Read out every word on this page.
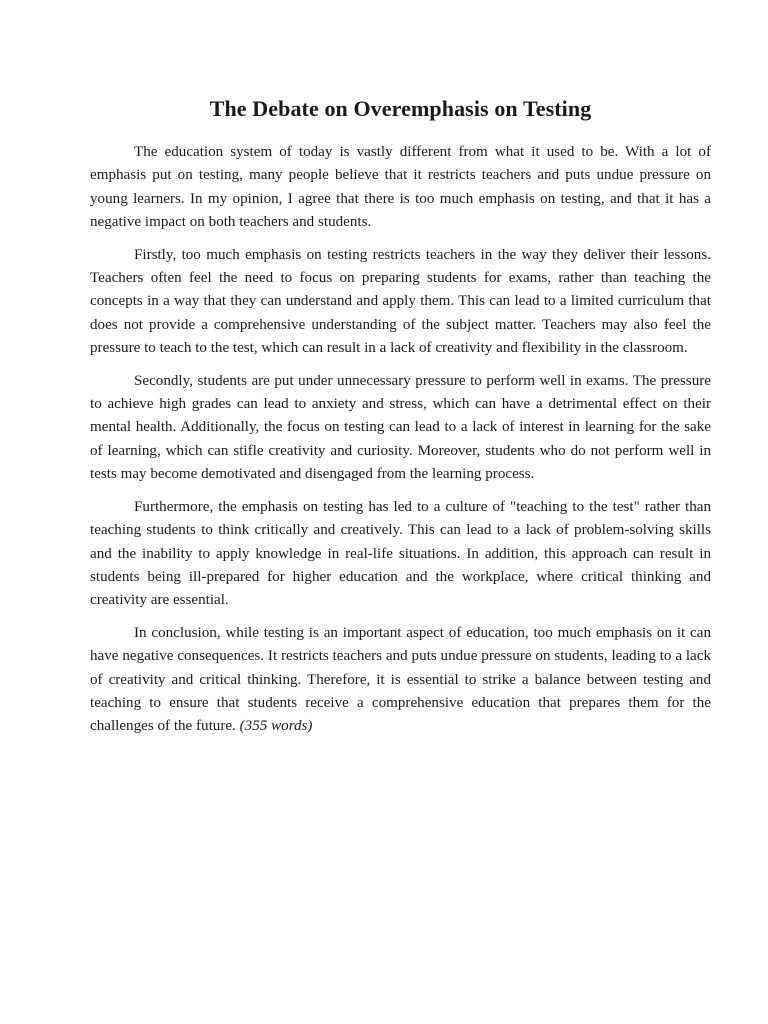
The Debate on Overemphasis on Testing

The education system of today is vastly different from what it used to be. With a lot of emphasis put on testing, many people believe that it restricts teachers and puts undue pressure on young learners. In my opinion, I agree that there is too much emphasis on testing, and that it has a negative impact on both teachers and students.

Firstly, too much emphasis on testing restricts teachers in the way they deliver their lessons. Teachers often feel the need to focus on preparing students for exams, rather than teaching the concepts in a way that they can understand and apply them. This can lead to a limited curriculum that does not provide a comprehensive understanding of the subject matter. Teachers may also feel the pressure to teach to the test, which can result in a lack of creativity and flexibility in the classroom.

Secondly, students are put under unnecessary pressure to perform well in exams. The pressure to achieve high grades can lead to anxiety and stress, which can have a detrimental effect on their mental health. Additionally, the focus on testing can lead to a lack of interest in learning for the sake of learning, which can stifle creativity and curiosity. Moreover, students who do not perform well in tests may become demotivated and disengaged from the learning process.

Furthermore, the emphasis on testing has led to a culture of "teaching to the test" rather than teaching students to think critically and creatively. This can lead to a lack of problem-solving skills and the inability to apply knowledge in real-life situations. In addition, this approach can result in students being ill-prepared for higher education and the workplace, where critical thinking and creativity are essential.

In conclusion, while testing is an important aspect of education, too much emphasis on it can have negative consequences. It restricts teachers and puts undue pressure on students, leading to a lack of creativity and critical thinking. Therefore, it is essential to strike a balance between testing and teaching to ensure that students receive a comprehensive education that prepares them for the challenges of the future. (355 words)
